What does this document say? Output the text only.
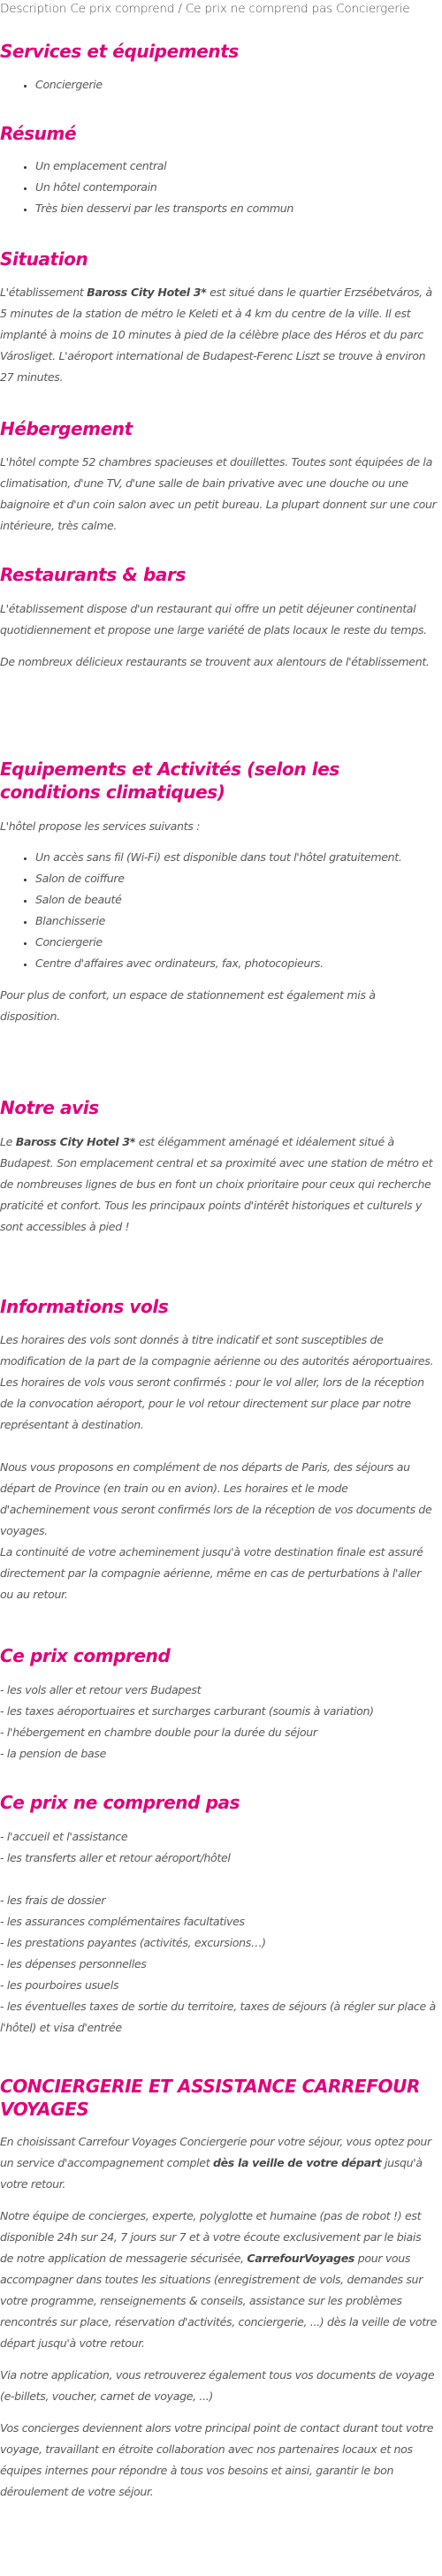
Description Ce prix comprend / Ce prix ne comprend pas Conciergerie
Services et équipements
• Conciergerie
Résumé
• Un emplacement central
• Un hôtel contemporain
• Très bien desservi par les transports en commun
Situation

L'établissement Baross City Hotel 3* est situé dans le quartier Erzsébetváros, à 5 minutes de la station de métro le Keleti et à 4 km du centre de la ville. Il est implanté à moins de 10 minutes à pied de la célèbre place des Héros et du parc Városliget. L'aéroport international de Budapest-Ferenc Liszt se trouve à environ 27 minutes.

Hébergement

L'hôtel compte 52 chambres spacieuses et douillettes. Toutes sont équipées de la climatisation, d'une TV, d'une salle de bain privative avec une douche ou une baignoire et d'un coin salon avec un petit bureau. La plupart donnent sur une cour intérieure, très calme.

Restaurants & bars

L'établissement dispose d'un restaurant qui offre un petit déjeuner continental quotidiennement et propose une large variété de plats locaux le reste du temps.

De nombreux délicieux restaurants se trouvent aux alentours de l'établissement.

Equipements et Activités (selon les conditions climatiques)

L'hôtel propose les services suivants :

• Un accès sans fil (Wi-Fi) est disponible dans tout l'hôtel gratuitement.
• Salon de coiffure
• Salon de beauté
• Blanchisserie
• Conciergerie
• Centre d'affaires avec ordinateurs, fax, photocopieurs.

Pour plus de confort, un espace de stationnement est également mis à disposition.

Notre avis

Le Baross City Hotel 3* est élégamment aménagé et idéalement situé à Budapest. Son emplacement central et sa proximité avec une station de métro et de nombreuses lignes de bus en font un choix prioritaire pour ceux qui recherche praticité et confort. Tous les principaux points d'intérêt historiques et culturels y sont accessibles à pied !

Informations vols

Les horaires des vols sont donnés à titre indicatif et sont susceptibles de modification de la part de la compagnie aérienne ou des autorités aéroportuaires.

Les horaires de vols vous seront confirmés : pour le vol aller, lors de la réception de la convocation aéroport, pour le vol retour directement sur place par notre représentant à destination.

Nous vous proposons en complément de nos départs de Paris, des séjours au départ de Province (en train ou en avion). Les horaires et le mode d'acheminement vous seront confirmés lors de la réception de vos documents de voyages.

La continuité de votre acheminement jusqu'à votre destination finale est assuré directement par la compagnie aérienne, même en cas de perturbations à l'aller ou au retour.

Ce prix comprend
- les vols aller et retour vers Budapest
- les taxes aéroportuaires et surcharges carburant (soumis à variation)
- l'hébergement en chambre double pour la durée du séjour
- la pension de base
Ce prix ne comprend pas
- l'accueil et l'assistance
- les transferts aller et retour aéroport/hôtel
- les frais de dossier
- les assurances complémentaires facultatives
- les prestations payantes (activités, excursions…)
- les dépenses personnelles
- les pourboires usuels
- les éventuelles taxes de sortie du territoire, taxes de séjours (à régler sur place à l'hôtel) et visa d'entrée
CONCIERGERIE ET ASSISTANCE CARREFOUR VOYAGES

En choisissant Carrefour Voyages Conciergerie pour votre séjour, vous optez pour un service d'accompagnement complet dès la veille de votre départ jusqu'à votre retour.

Notre équipe de concierges, experte, polyglotte et humaine (pas de robot !) est disponible 24h sur 24, 7 jours sur 7 et à votre écoute exclusivement par le biais de notre application de messagerie sécurisée, CarrefourVoyages pour vous accompagner dans toutes les situations (enregistrement de vols, demandes sur votre programme, renseignements & conseils, assistance sur les problèmes rencontrés sur place, réservation d'activités, conciergerie, ...) dès la veille de votre départ jusqu'à votre retour.

Via notre application, vous retrouverez également tous vos documents de voyage (e-billets, voucher, carnet de voyage, ...)

Vos concierges deviennent alors votre principal point de contact durant tout votre voyage, travaillant en étroite collaboration avec nos partenaires locaux et nos équipes internes pour répondre à tous vos besoins et ainsi, garantir le bon déroulement de votre séjour.
